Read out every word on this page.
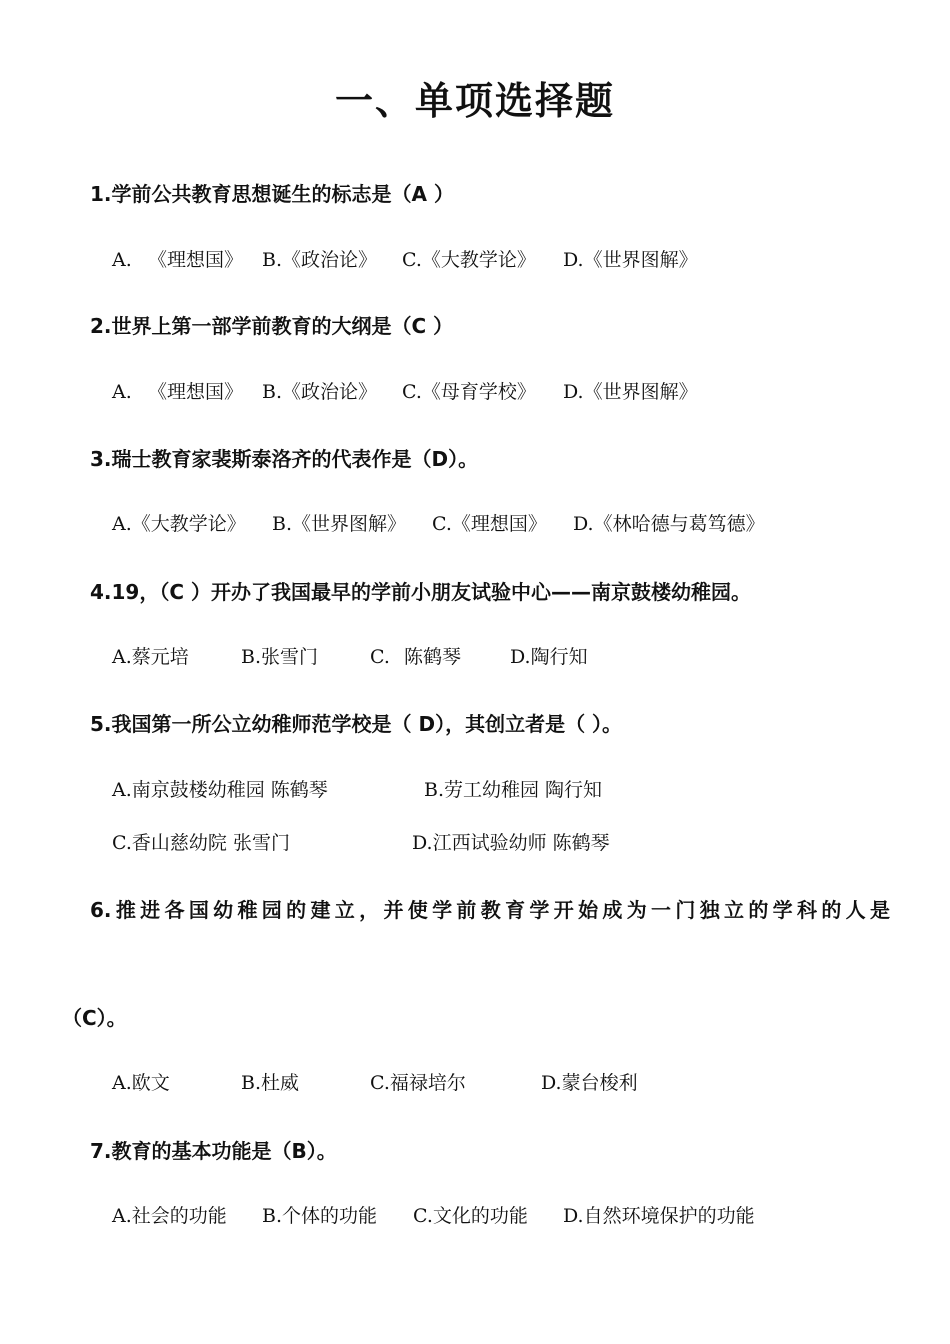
一、单项选择题
1.学前公共教育思想诞生的标志是（A ）
A. 《理想国》 B.《政治论》 C.《大教学论》 D.《世界图解》
2.世界上第一部学前教育的大纲是（C ）
A. 《理想国》 B.《政治论》 C.《母育学校》 D.《世界图解》
3.瑞士教育家裴斯泰洛齐的代表作是（D）。
A.《大教学论》 B.《世界图解》 C.《理想国》 D.《林哈德与葛笃德》
4.19，（C ）开办了我国最早的学前小朋友试验中心——南京鼓楼幼稚园。
A.蔡元培	B.张雪门	C. 陈鹤琴	D.陶行知
5.我国第一所公立幼稚师范学校是（ D），其创立者是（ ）。
A.南京鼓楼幼稚园 陈鹤琴	B.劳工幼稚园 陶行知
C.香山慈幼院 张雪门	D.江西试验幼师 陈鹤琴
6.推进各国幼稚园的建立，并使学前教育学开始成为一门独立的学科的人是
（C）。
A.欧文	B.杜威	C.福禄培尔	D.蒙台梭利
7.教育的基本功能是（B）。
A.社会的功能 B.个体的功能 C.文化的功能 D.自然环境保护的功能
